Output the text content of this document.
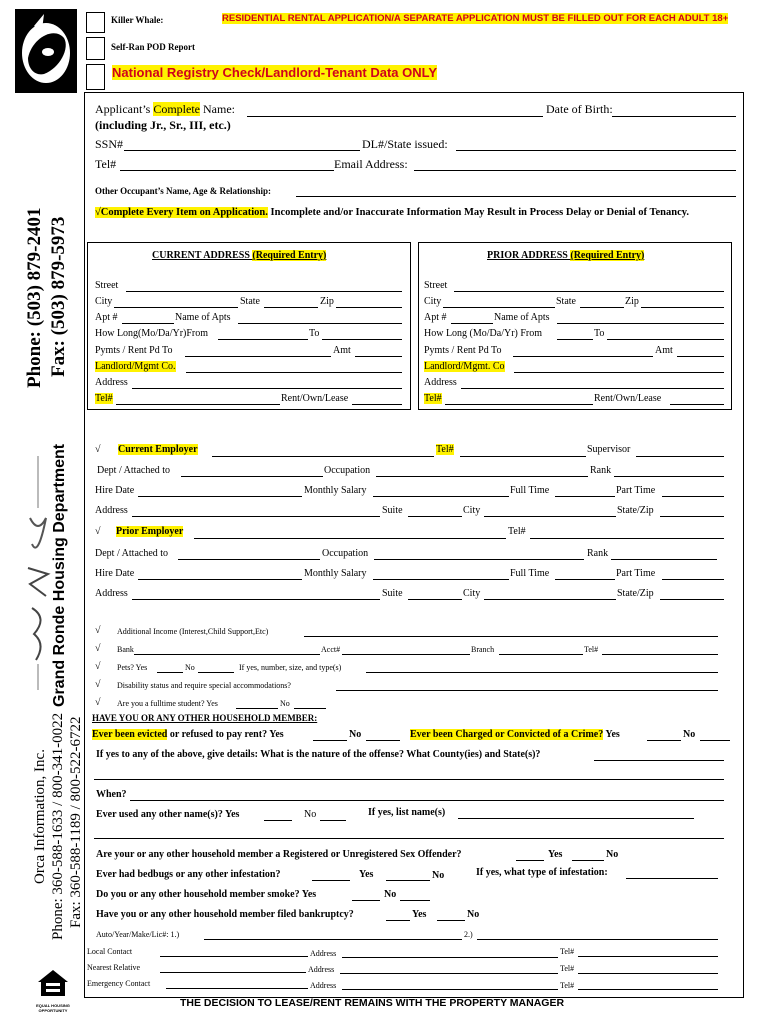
Phone: (503) 879-2401 Fax: (503) 879-5973
Grand Ronde Housing Department
Orca Information, Inc. Phone: 360-588-1633 / 800-341-0022 Fax: 360-588-1189 / 800-522-6722
EQUAL HOUSING OPPORTUNITY
Killer Whale:	RESIDENTIAL RENTAL APPLICATION/A SEPARATE APPLICATION MUST BE FILLED OUT FOR EACH ADULT 18+
Self-Ran POD Report
National Registry Check/Landlord-Tenant Data ONLY
Applicant’s Complete Name:	Date of Birth:
(including Jr., Sr., III, etc.)
SSN#	DL#/State issued:
Tel#	Email Address:
Other Occupant’s Name, Age & Relationship:
√Complete Every Item on Application. Incomplete and/or Inaccurate Information May Result in Process Delay or Denial of Tenancy.
CURRENT ADDRESS (Required Entry)
Street
City	State	Zip
Apt #	Name of Apts
How Long(Mo/Da/Yr)From	To
Pymts / Rent Pd To	Amt
Landlord/Mgmt Co.
Address
Tel#	Rent/Own/Lease
PRIOR ADDRESS (Required Entry)
Street
City	State	Zip
Apt #	Name of Apts
How Long (Mo/Da/Yr) From	To
Pymts / Rent Pd To	Amt
Landlord/Mgmt. Co
Address
Tel#	Rent/Own/Lease
√ Current Employer	Tel#	Supervisor
Dept / Attached to	Occupation	Rank
Hire Date	Monthly Salary	Full Time	Part Time
Address	Suite	City	State/Zip
√ Prior Employer	Tel#
Dept / Attached to	Occupation	Rank
Hire Date	Monthly Salary	Full Time	Part Time
Address	Suite	City	State/Zip
√ Additional Income (Interest,Child Support,Etc)
√ Bank	Acct#	Branch	Tel#
√ Pets? Yes	No	If yes, number, size, and type(s)
√ Disability status and require special accommodations?
√ Are you a fulltime student? Yes	No
HAVE YOU OR ANY OTHER HOUSEHOLD MEMBER:
Ever been evicted or refused to pay rent? Yes	No	Ever been Charged or Convicted of a Crime? Yes	No
If yes to any of the above, give details: What is the nature of the offense? What County(ies) and State(s)?
When?
Ever used any other name(s)? Yes	No	If yes, list name(s)
Are your or any other household member a Registered or Unregistered Sex Offender?	Yes	No
Ever had bedbugs or any other infestation?	Yes	No	If yes, what type of infestation:
Do you or any other household member smoke? Yes	No
Have you or any other household member filed bankruptcy?	Yes	No
Auto/Year/Make/Lic#: 1.)	2.)
Local Contact	Address	Tel#
Nearest Relative	Address	Tel#
Emergency Contact	Address	Tel#
THE DECISION TO LEASE/RENT REMAINS WITH THE PROPERTY MANAGER
